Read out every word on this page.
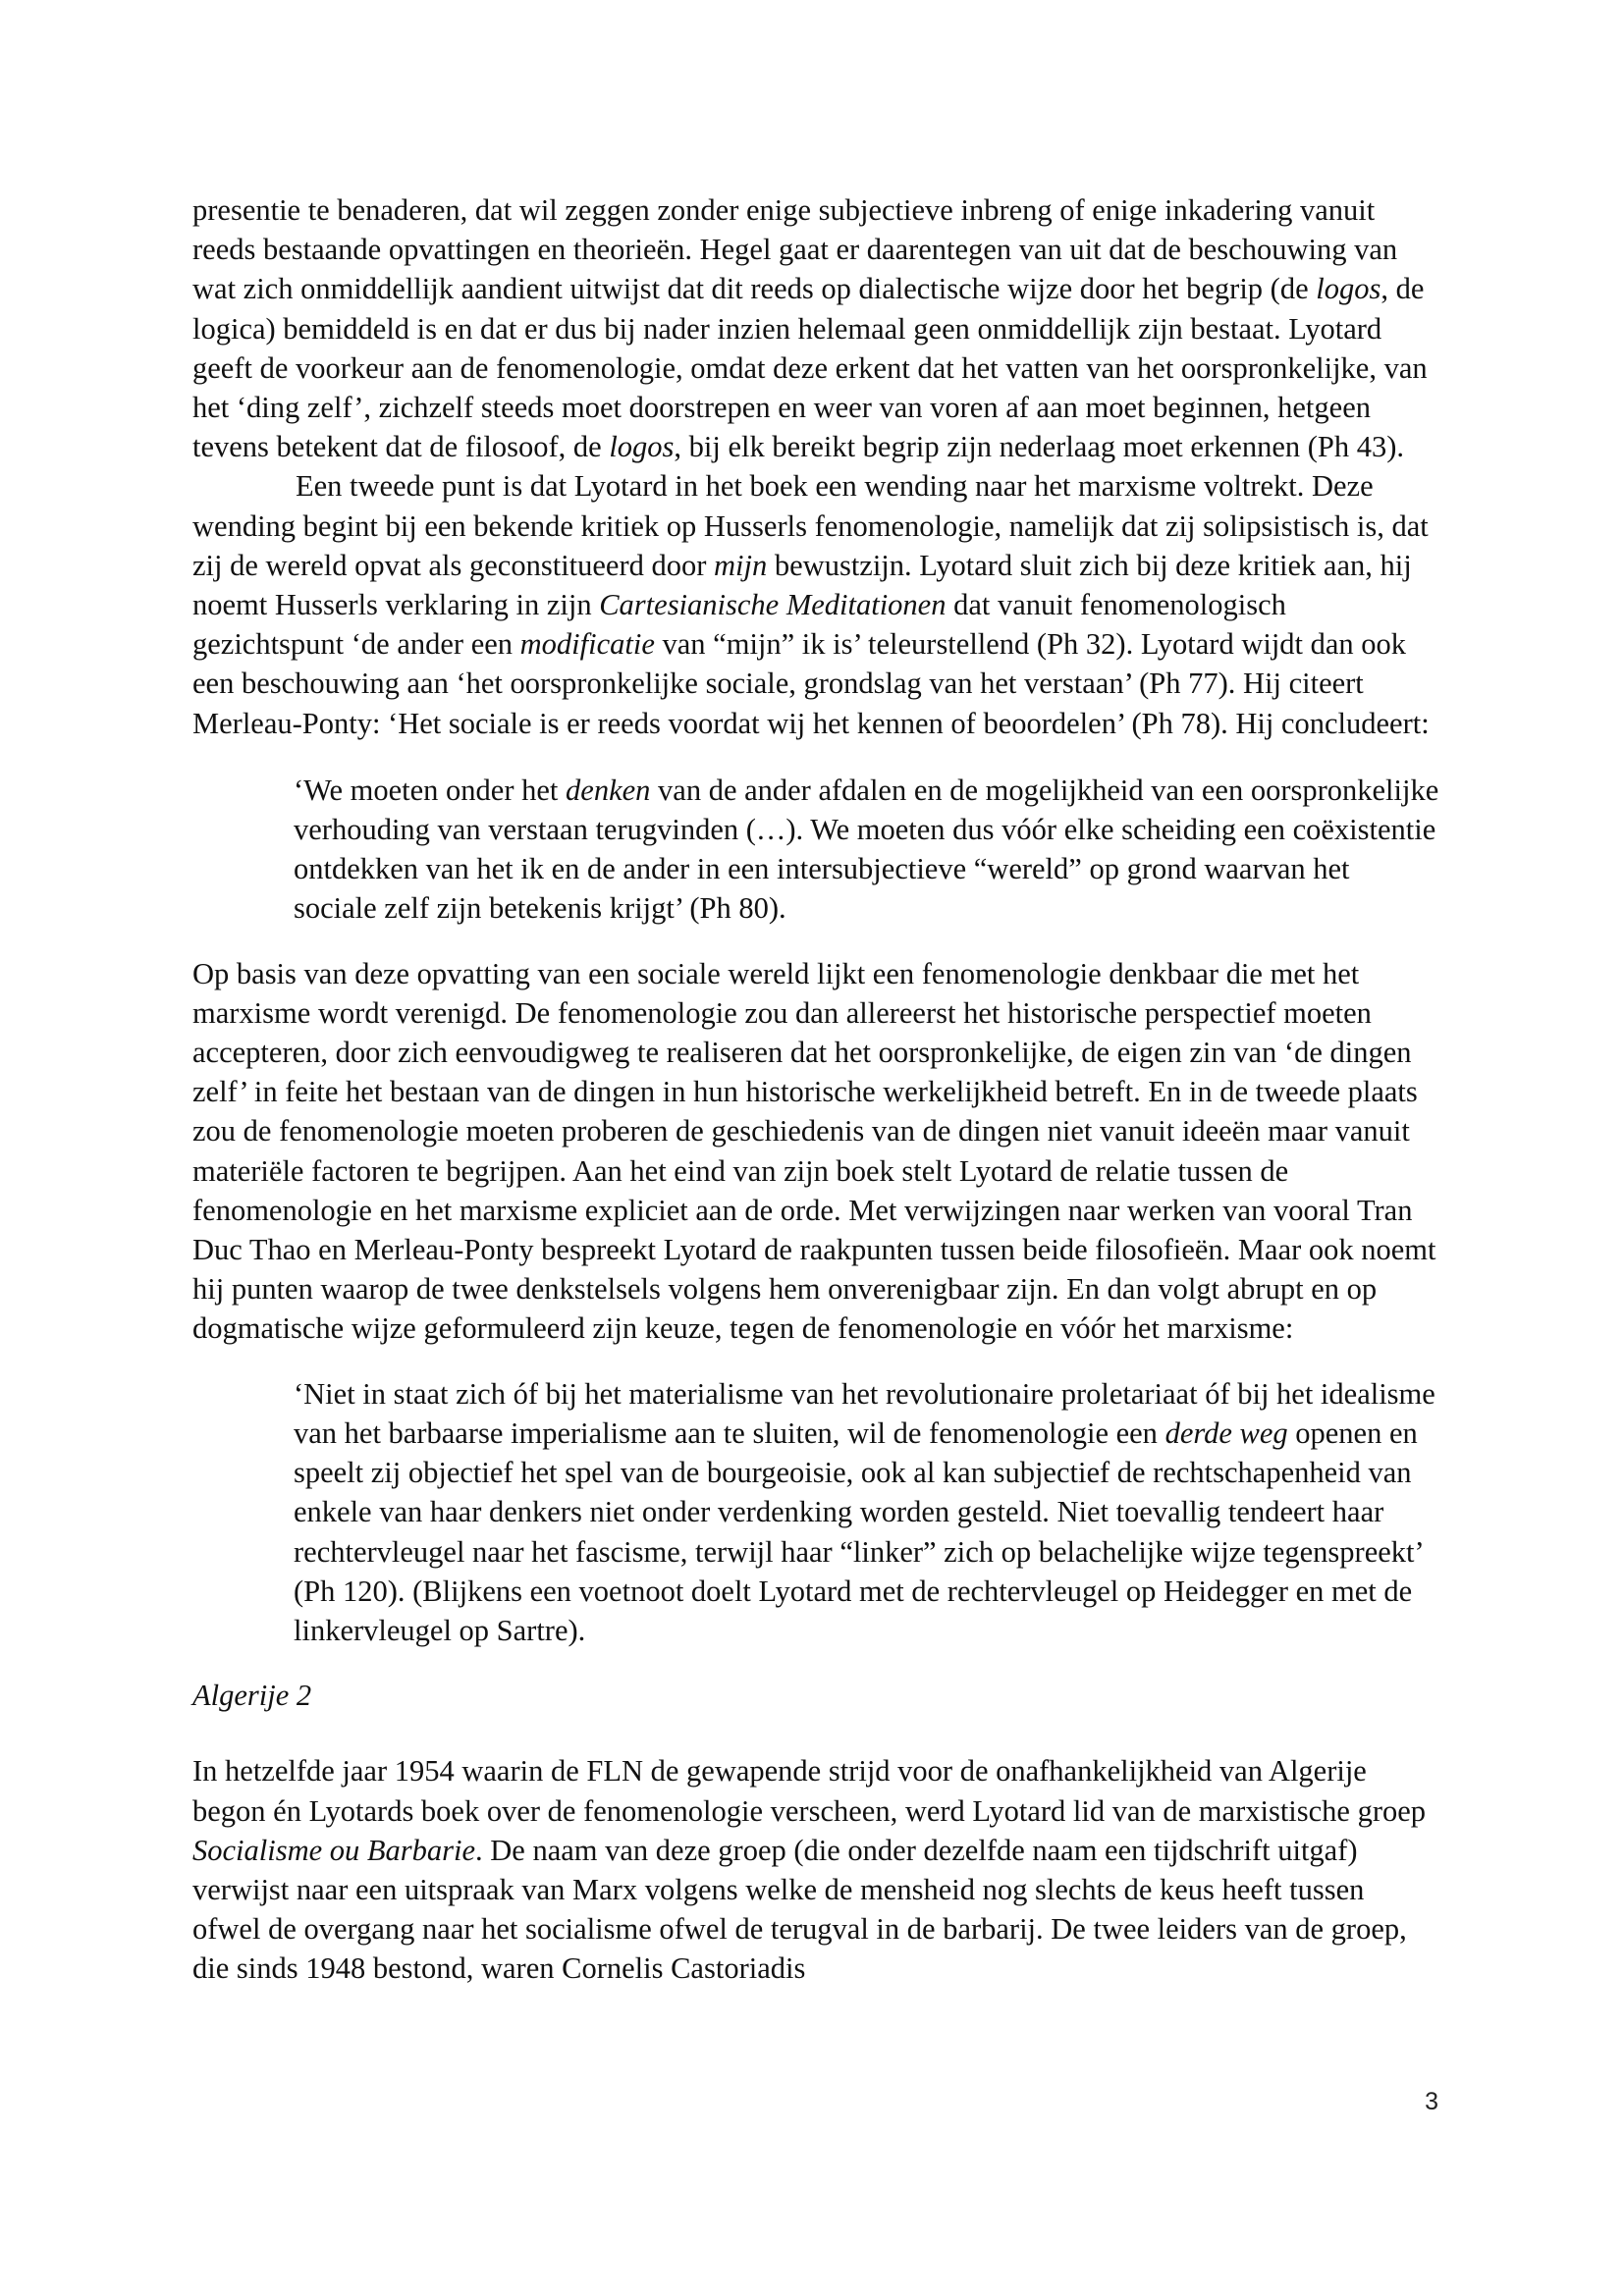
presentie te benaderen, dat wil zeggen zonder enige subjectieve inbreng of enige inkadering vanuit reeds bestaande opvattingen en theorieën. Hegel gaat er daarentegen van uit dat de beschouwing van wat zich onmiddellijk aandient uitwijst dat dit reeds op dialectische wijze door het begrip (de logos, de logica) bemiddeld is en dat er dus bij nader inzien helemaal geen onmiddellijk zijn bestaat. Lyotard geeft de voorkeur aan de fenomenologie, omdat deze erkent dat het vatten van het oorspronkelijke, van het ‘ding zelf’, zichzelf steeds moet doorstrepen en weer van voren af aan moet beginnen, hetgeen tevens betekent dat de filosoof, de logos, bij elk bereikt begrip zijn nederlaag moet erkennen (Ph 43).

Een tweede punt is dat Lyotard in het boek een wending naar het marxisme voltrekt. Deze wending begint bij een bekende kritiek op Husserls fenomenologie, namelijk dat zij solipsistisch is, dat zij de wereld opvat als geconstitueerd door mijn bewustzijn. Lyotard sluit zich bij deze kritiek aan, hij noemt Husserls verklaring in zijn Cartesianische Meditationen dat vanuit fenomenologisch gezichtspunt ‘de ander een modificatie van “mijn” ik is’ teleurstellend (Ph 32). Lyotard wijdt dan ook een beschouwing aan ‘het oorspronkelijke sociale, grondslag van het verstaan’ (Ph 77). Hij citeert Merleau-Ponty: ‘Het sociale is er reeds voordat wij het kennen of beoordelen’ (Ph 78). Hij concludeert:

‘We moeten onder het denken van de ander afdalen en de mogelijkheid van een oorspronkelijke verhouding van verstaan terugvinden (…). We moeten dus vóór elke scheiding een coëxistentie ontdekken van het ik en de ander in een intersubjectieve “wereld” op grond waarvan het sociale zelf zijn betekenis krijgt’ (Ph 80).

Op basis van deze opvatting van een sociale wereld lijkt een fenomenologie denkbaar die met het marxisme wordt verenigd. De fenomenologie zou dan allereerst het historische perspectief moeten accepteren, door zich eenvoudigweg te realiseren dat het oorspronkelijke, de eigen zin van ‘de dingen zelf’ in feite het bestaan van de dingen in hun historische werkelijkheid betreft. En in de tweede plaats zou de fenomenologie moeten proberen de geschiedenis van de dingen niet vanuit ideeën maar vanuit materiële factoren te begrijpen. Aan het eind van zijn boek stelt Lyotard de relatie tussen de fenomenologie en het marxisme expliciet aan de orde. Met verwijzingen naar werken van vooral Tran Duc Thao en Merleau-Ponty bespreekt Lyotard de raakpunten tussen beide filosofieën. Maar ook noemt hij punten waarop de twee denkstelsels volgens hem onverenigbaar zijn. En dan volgt abrupt en op dogmatische wijze geformuleerd zijn keuze, tegen de fenomenologie en vóór het marxisme:

‘Niet in staat zich óf bij het materialisme van het revolutionaire proletariaat óf bij het idealisme van het barbaarse imperialisme aan te sluiten, wil de fenomenologie een derde weg openen en speelt zij objectief het spel van de bourgeoisie, ook al kan subjectief de rechtschapenheid van enkele van haar denkers niet onder verdenking worden gesteld. Niet toevallig tendeert haar rechtervleugel naar het fascisme, terwijl haar “linker” zich op belachelijke wijze tegenspreekt’ (Ph 120). (Blijkens een voetnoot doelt Lyotard met de rechtervleugel op Heidegger en met de linkervleugel op Sartre).

Algerije 2

In hetzelfde jaar 1954 waarin de FLN de gewapende strijd voor de onafhankelijkheid van Algerije begon én Lyotards boek over de fenomenologie verscheen, werd Lyotard lid van de marxistische groep Socialisme ou Barbarie. De naam van deze groep (die onder dezelfde naam een tijdschrift uitgaf) verwijst naar een uitspraak van Marx volgens welke de mensheid nog slechts de keus heeft tussen ofwel de overgang naar het socialisme ofwel de terugval in de barbarij. De twee leiders van de groep, die sinds 1948 bestond, waren Cornelis Castoriadis

3
